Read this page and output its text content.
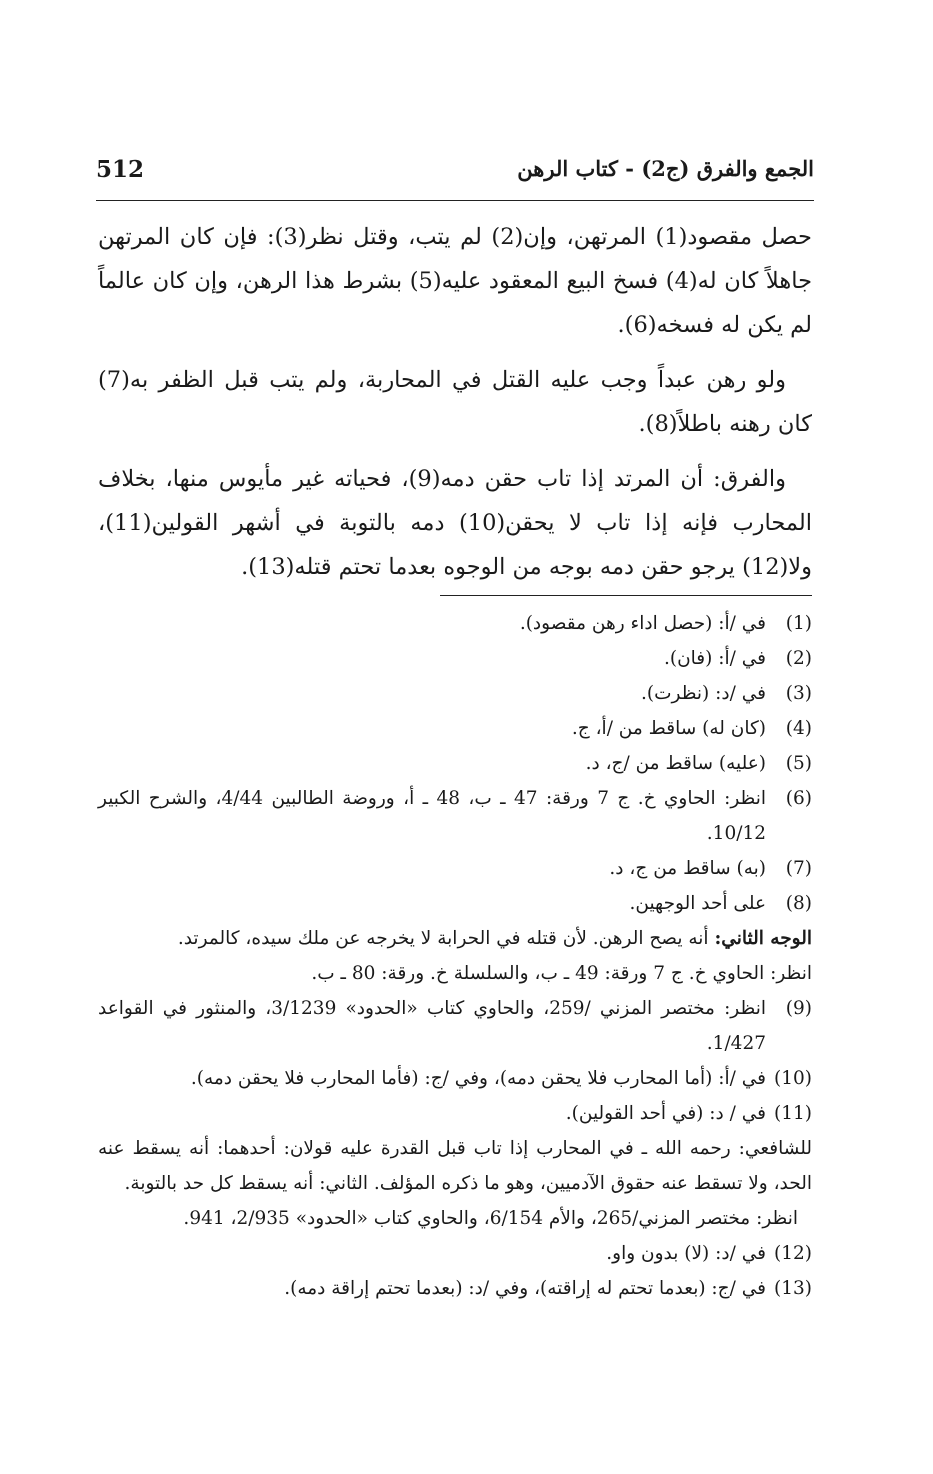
512	الجمع والفرق (ج2) - كتاب الرهن

حصل مقصود(1) المرتهن، وإن(2) لم يتب، وقتل نظر(3): فإن كان المرتهن جاهلاً كان له(4) فسخ البيع المعقود عليه(5) بشرط هذا الرهن، وإن كان عالماً لم يكن له فسخه(6).

ولو رهن عبداً وجب عليه القتل في المحاربة، ولم يتب قبل الظفر به(7) كان رهنه باطلاً(8).

والفرق: أن المرتد إذا تاب حقن دمه(9)، فحياته غير مأيوس منها، بخلاف المحارب فإنه إذا تاب لا يحقن(10) دمه بالتوبة في أشهر القولين(11)، ولا(12) يرجو حقن دمه بوجه من الوجوه بعدما تحتم قتله(13).

(1)
في /أ: (حصل اداء رهن مقصود).
(2)
في /أ: (فان).
(3)
في /د: (نظرت).
(4)
(كان له) ساقط من /أ، ج.
(5)
(عليه) ساقط من /ج، د.
(6)
انظر: الحاوي خ. ج 7 ورقة: 47 ـ ب، 48 ـ أ، وروضة الطالبين 4/44، والشرح الكبير 10/12.
(7)
(به) ساقط من ج، د.
(8)
على أحد الوجهين.
الوجه الثاني: أنه يصح الرهن. لأن قتله في الحرابة لا يخرجه عن ملك سيده، كالمرتد.
انظر: الحاوي خ. ج 7 ورقة: 49 ـ ب، والسلسلة خ. ورقة: 80 ـ ب.
(9)
انظر: مختصر المزني /259، والحاوي كتاب «الحدود» 3/1239، والمنثور في القواعد 1/427.
(10)
في /أ: (أما المحارب فلا يحقن دمه)، وفي /ج: (فأما المحارب فلا يحقن دمه).
(11)
في / د: (في أحد القولين).
للشافعي: رحمه الله ـ في المحارب إذا تاب قبل القدرة عليه قولان: أحدهما: أنه يسقط عنه الحد، ولا تسقط عنه حقوق الآدميين، وهو ما ذكره المؤلف. الثاني: أنه يسقط كل حد بالتوبة.
انظر: مختصر المزني/265، والأم 6/154، والحاوي كتاب «الحدود» 2/935، 941.
(12)
في /د: (لا) بدون واو.
(13)
في /ج: (بعدما تحتم له إراقته)، وفي /د: (بعدما تحتم إراقة دمه).
